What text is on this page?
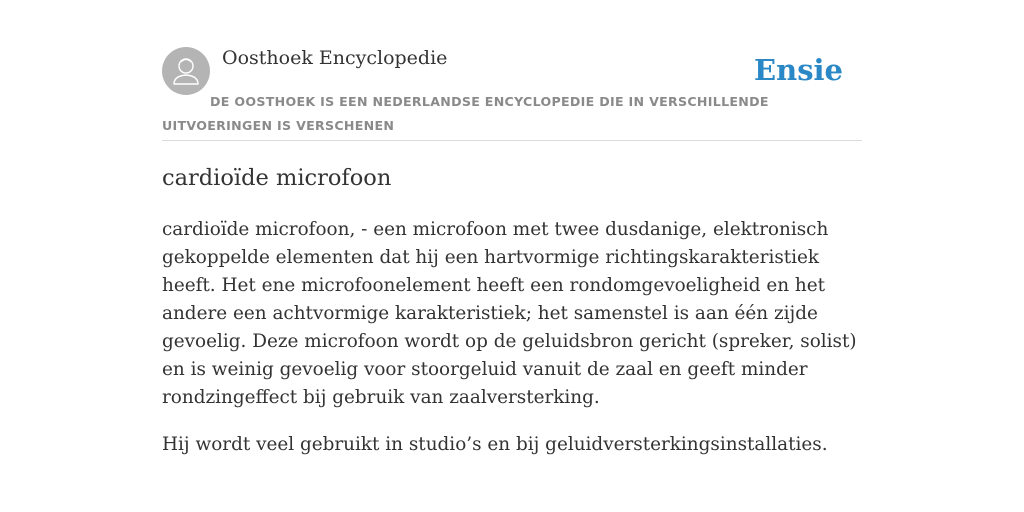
Oosthoek Encyclopedie	Ensie
DE OOSTHOEK IS EEN NEDERLANDSE ENCYCLOPEDIE DIE IN VERSCHILLENDE UITVOERINGEN IS VERSCHENEN
cardioïde microfoon

cardioïde microfoon, - een microfoon met twee dusdanige, elektronisch gekoppelde elementen dat hij een hartvormige richtingskarakteristiek heeft. Het ene microfoonelement heeft een rondomgevoeligheid en het andere een achtvormige karakteristiek; het samenstel is aan één zijde gevoelig. Deze microfoon wordt op de geluidsbron gericht (spreker, solist) en is weinig gevoelig voor stoorgeluid vanuit de zaal en geeft minder rondzingeffect bij gebruik van zaalversterking.

Hij wordt veel gebruikt in studio’s en bij geluidversterkingsinstallaties.
